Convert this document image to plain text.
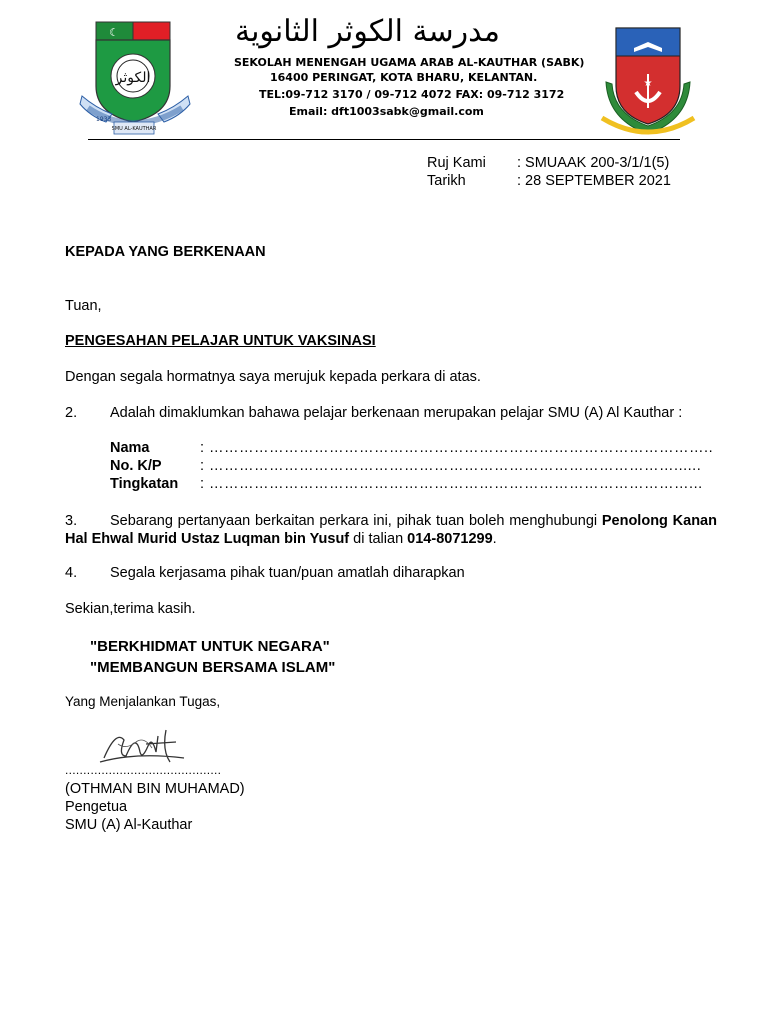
☾
الكوثر
1933
SMU AL-KAUTHAR
مدرسة الكوثر الثانوية
SEKOLAH MENENGAH UGAMA ARAB AL-KAUTHAR (SABK)
16400 PERINGAT, KOTA BHARU, KELANTAN.
TEL:09-712 3170 / 09-712 4072 FAX: 09-712 3172
Email: dft1003sabk@gmail.com
★
Ruj Kami : SMUAAK 200-3/1/1(5)
Tarikh	: 28 SEPTEMBER 2021
KEPADA YANG BERKENAAN
Tuan,
PENGESAHAN PELAJAR UNTUK VAKSINASI
Dengan segala hormatnya saya merujuk kepada perkara di atas.
2. Adalah dimaklumkan bahawa pelajar berkenaan merupakan pelajar SMU (A) Al Kauthar :
Nama	: ………………………………………………………………………………………..
No. K/P	: …………………………………………………………………………………......
Tingkatan : ……………………………………………………………………………………...
3. Sebarang pertanyaan berkaitan perkara ini, pihak tuan boleh menghubungi Penolong Kanan Hal Ehwal Murid Ustaz Luqman bin Yusuf di talian 014-8071299.
4. Segala kerjasama pihak tuan/puan amatlah diharapkan
Sekian,terima kasih.
"BERKHIDMAT UNTUK NEGARA"
"MEMBANGUN BERSAMA ISLAM"
Yang Menjalankan Tugas,
...........................................
(OTHMAN BIN MUHAMAD)
Pengetua
SMU (A) Al-Kauthar
